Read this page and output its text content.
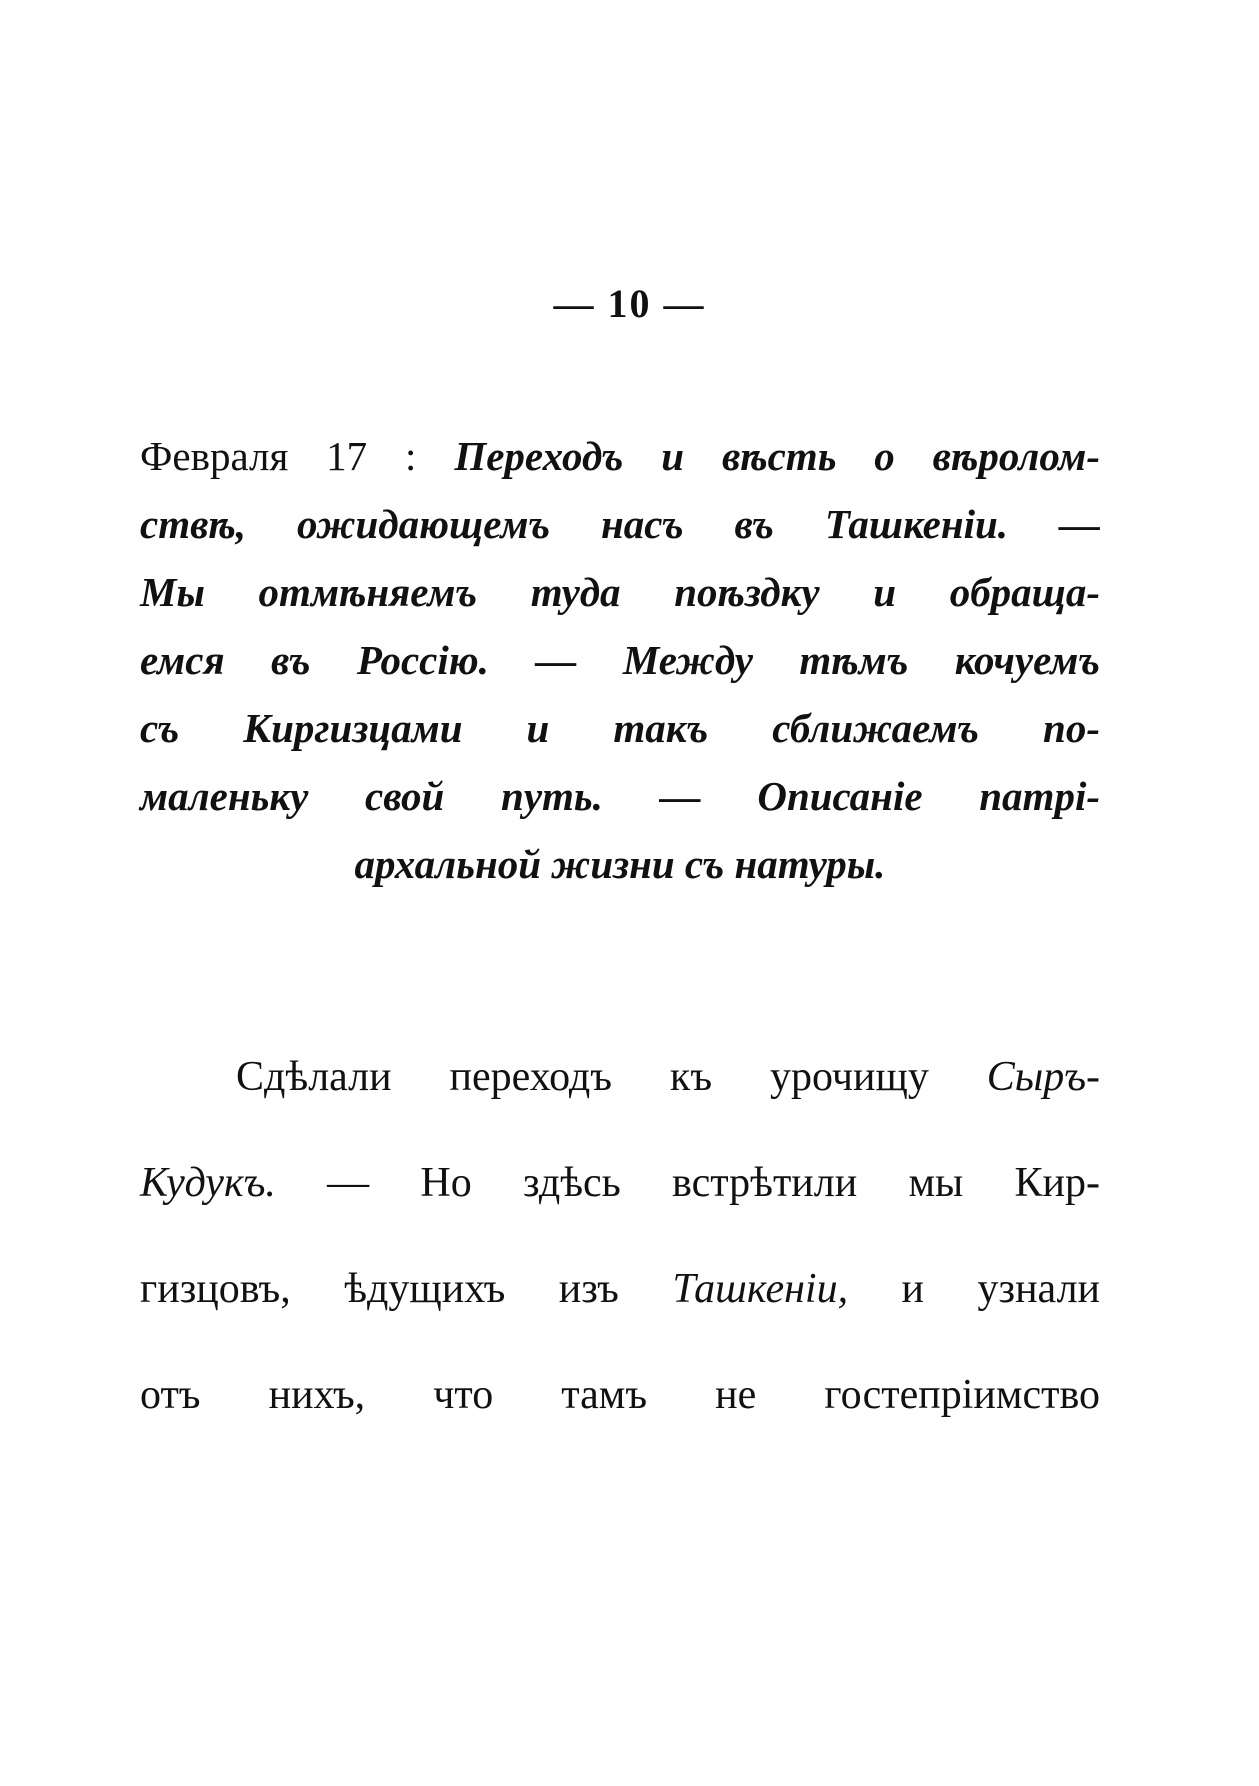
— 10 —
Февраля 17 : Переходъ и вѣсть о вѣролом-
ствѣ, ожидающемъ насъ въ Ташкенiи. —
Мы отмѣняемъ туда поѣздку и обраща-
емся въ Россiю. — Между тѣмъ кочуемъ
съ Киргизцами и такъ сближаемъ по-
маленьку свой путь. — Описанiе патрi-
архальной жизни съ натуры.
Сдѣлали переходъ къ урочищу Сыръ-
Кудукъ. — Но здѣсь встрѣтили мы Кир-
гизцовъ, ѣдущихъ изъ Ташкенiи, и узнали
отъ нихъ, что тамъ не гостепрiимство
